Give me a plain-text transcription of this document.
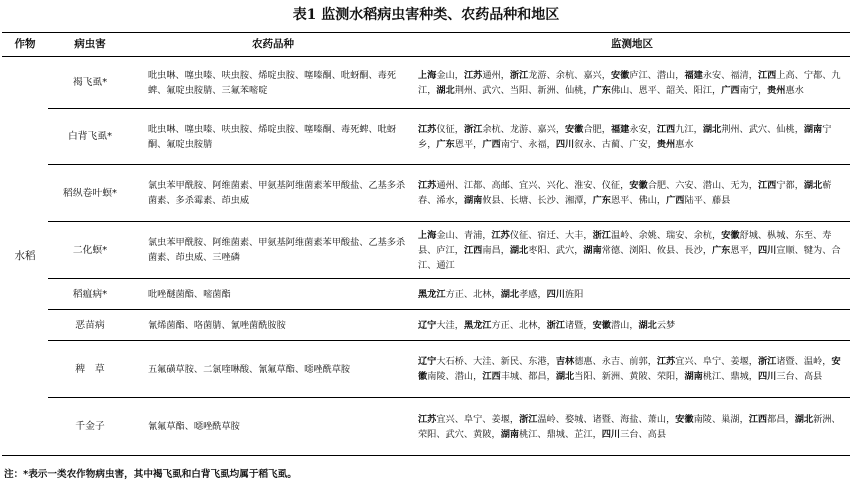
表1 监测水稻病虫害种类、农药品种和地区
作物	病虫害	农药品种	监测地区
水稻	褐飞虱*	吡虫啉、噻虫嗪、呋虫胺、烯啶虫胺、噻嗪酮、吡蚜酮、毒死蜱、氟啶虫胺腈、三氟苯嘧啶	上海金山，江苏通州，浙江龙游、余杭、嘉兴，安徽庐江、潜山，福建永安、福清，江西上高、宁都、九江，湖北荆州、武穴、当阳、新洲、仙桃，广东佛山、恩平、韶关、阳江，广西南宁，贵州惠水
	白背飞虱*	吡虫啉、噻虫嗪、呋虫胺、烯啶虫胺、噻嗪酮、毒死蜱、吡蚜酮、氟啶虫胺腈	江苏仪征，浙江余杭、龙游、嘉兴，安徽合肥，福建永安，江西九江，湖北荆州、武穴、仙桃，湖南宁乡，广东恩平，广西南宁、永福，四川叙永、古蔺、广安，贵州惠水
	稻纵卷叶螟*	氯虫苯甲酰胺、阿维菌素、甲氨基阿维菌素苯甲酸盐、乙基多杀菌素、多杀霉素、茚虫威	江苏通州、江都、高邮、宜兴、兴化、淮安、仪征，安徽合肥、六安、潜山、无为，江西宁都，湖北蕲春、浠水，湖南攸县、长塘、长沙、湘潭，广东恩平、佛山，广西陆平、藤县
	二化螟*	氯虫苯甲酰胺、阿维菌素、甲氨基阿维菌素苯甲酸盐、乙基多杀菌素、茚虫威、三唑磷	上海金山、青浦，江苏仪征、宿迁、大丰，浙江温岭、余姚、瑞安、余杭，安徽舒城、枞城、东至、寿县、庐江，江西南昌，湖北枣阳、武穴，湖南常德、浏阳、攸县、長沙，广东恩平，四川宣顺、犍为、合江、通江
	稻瘟病*	吡唑醚菌酯、嘧菌酯	黑龙江方正、北林，湖北孝感，四川旌阳
	恶苗病	氰烯菌酯、咯菌腈、氰唑菌酰胺胺	辽宁大洼，黑龙江方正、北林，浙江诸暨，安徽潜山，湖北云梦
	稗　草	五氟磺草胺、二氯喹啉酸、氰氟草酯、噁唑酰草胺	辽宁大石桥、大洼、新民、东港，吉林德惠、永吉、前郭，江苏宜兴、阜宁、姜堰，浙江诸暨、温岭，安徽南陵、潜山，江西丰城、都昌，湖北当阳、新洲、黄陂、荣阳，湖南桃江、鼎城，四川三台、高县
	千金子	氰氟草酯、噁唑酰草胺	江苏宜兴、阜宁、姜堰，浙江温岭、婺城、诸暨、海盐、萧山，安徽南陵、巢湖，江西都昌，湖北新洲、荣阳、武穴、黄陂，湖南桃江、鼎城、芷江，四川三台、高县
注：*表示一类农作物病虫害，其中褐飞虱和白背飞虱均属于稻飞虱。
